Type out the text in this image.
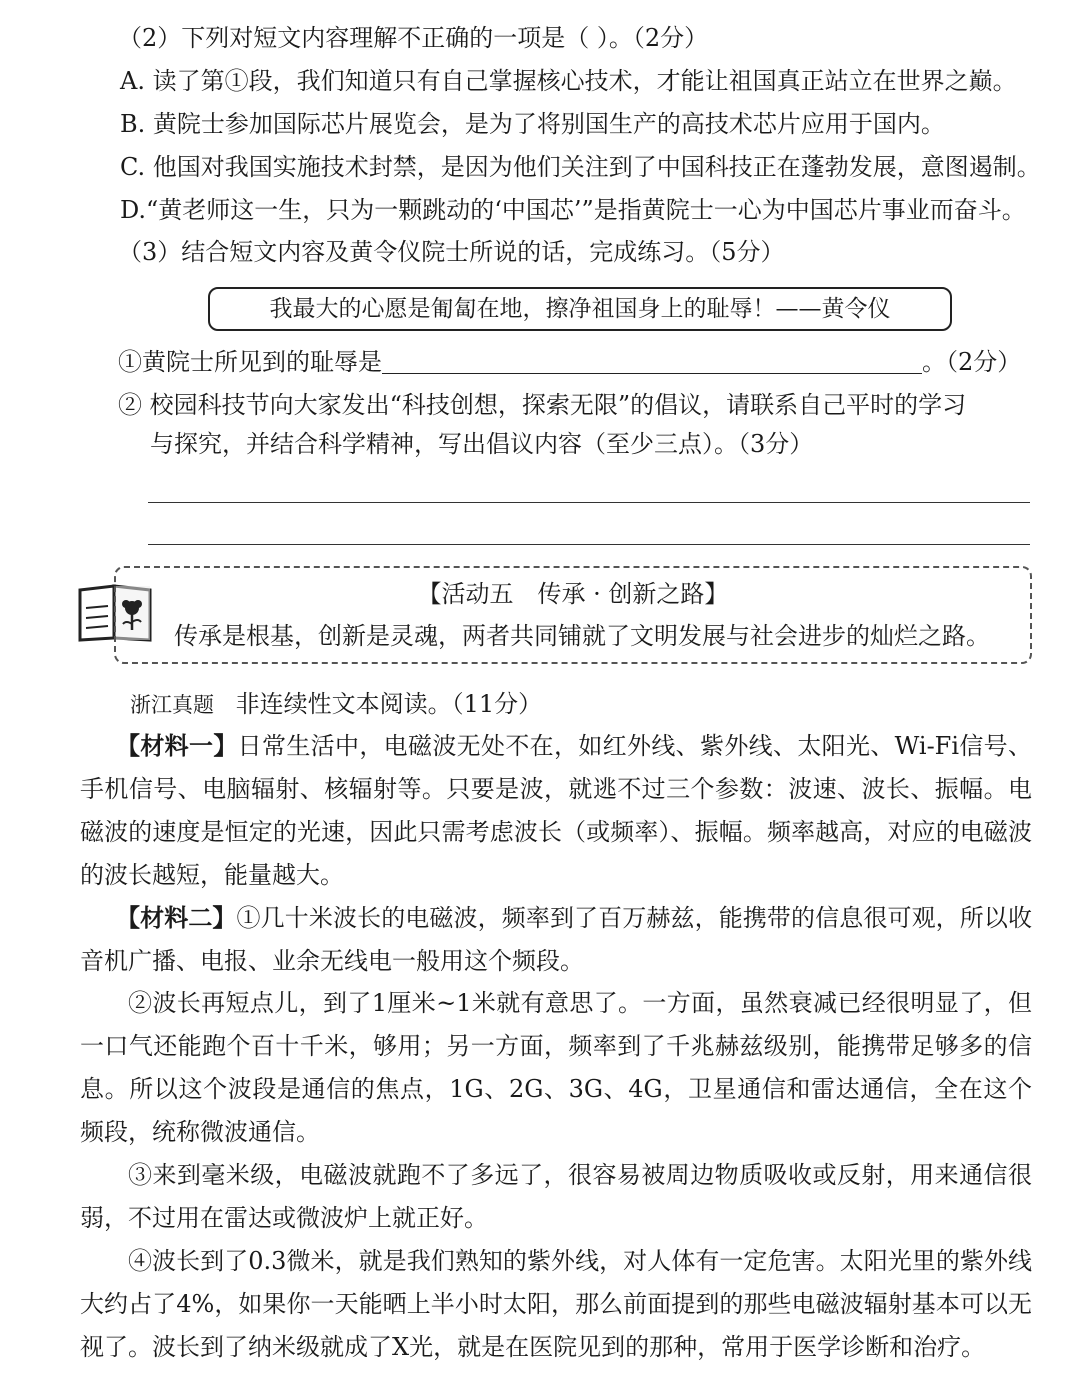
（2）下列对短文内容理解不正确的一项是（ ）。（2分）
A. 读了第①段，我们知道只有自己掌握核心技术，才能让祖国真正站立在世界之巅。
B. 黄院士参加国际芯片展览会，是为了将别国生产的高技术芯片应用于国内。
C. 他国对我国实施技术封禁，是因为他们关注到了中国科技正在蓬勃发展，意图遏制。
D.“黄老师这一生，只为一颗跳动的‘中国芯’”是指黄院士一心为中国芯片事业而奋斗。
（3）结合短文内容及黄令仪院士所说的话，完成练习。（5分）
我最大的心愿是匍匐在地，擦净祖国身上的耻辱！——黄令仪
①黄院士所见到的耻辱是	。（2分）
② 校园科技节向大家发出“科技创想，探索无限”的倡议，请联系自己平时的学习
与探究，并结合科学精神，写出倡议内容（至少三点）。（3分）
【活动五　传承 · 创新之路】
传承是根基，创新是灵魂，两者共同铺就了文明发展与社会进步的灿烂之路。
浙江真题 非连续性文本阅读。（11分）
【材料一】日常生活中，电磁波无处不在，如红外线、紫外线、太阳光、Wi-Fi信号、手机信号、电脑辐射、核辐射等。只要是波，就逃不过三个参数：波速、波长、振幅。电磁波的速度是恒定的光速，因此只需考虑波长（或频率）、振幅。频率越高，对应的电磁波的波长越短，能量越大。
【材料二】①几十米波长的电磁波，频率到了百万赫兹，能携带的信息很可观，所以收音机广播、电报、业余无线电一般用这个频段。
②波长再短点儿，到了1厘米~1米就有意思了。一方面，虽然衰减已经很明显了，但一口气还能跑个百十千米，够用；另一方面，频率到了千兆赫兹级别，能携带足够多的信息。所以这个波段是通信的焦点，1G、2G、3G、4G，卫星通信和雷达通信，全在这个频段，统称微波通信。
③来到毫米级，电磁波就跑不了多远了，很容易被周边物质吸收或反射，用来通信很弱，不过用在雷达或微波炉上就正好。
④波长到了0.3微米，就是我们熟知的紫外线，对人体有一定危害。太阳光里的紫外线大约占了4%，如果你一天能晒上半小时太阳，那么前面提到的那些电磁波辐射基本可以无视了。波长到了纳米级就成了X光，就是在医院见到的那种，常用于医学诊断和治疗。
